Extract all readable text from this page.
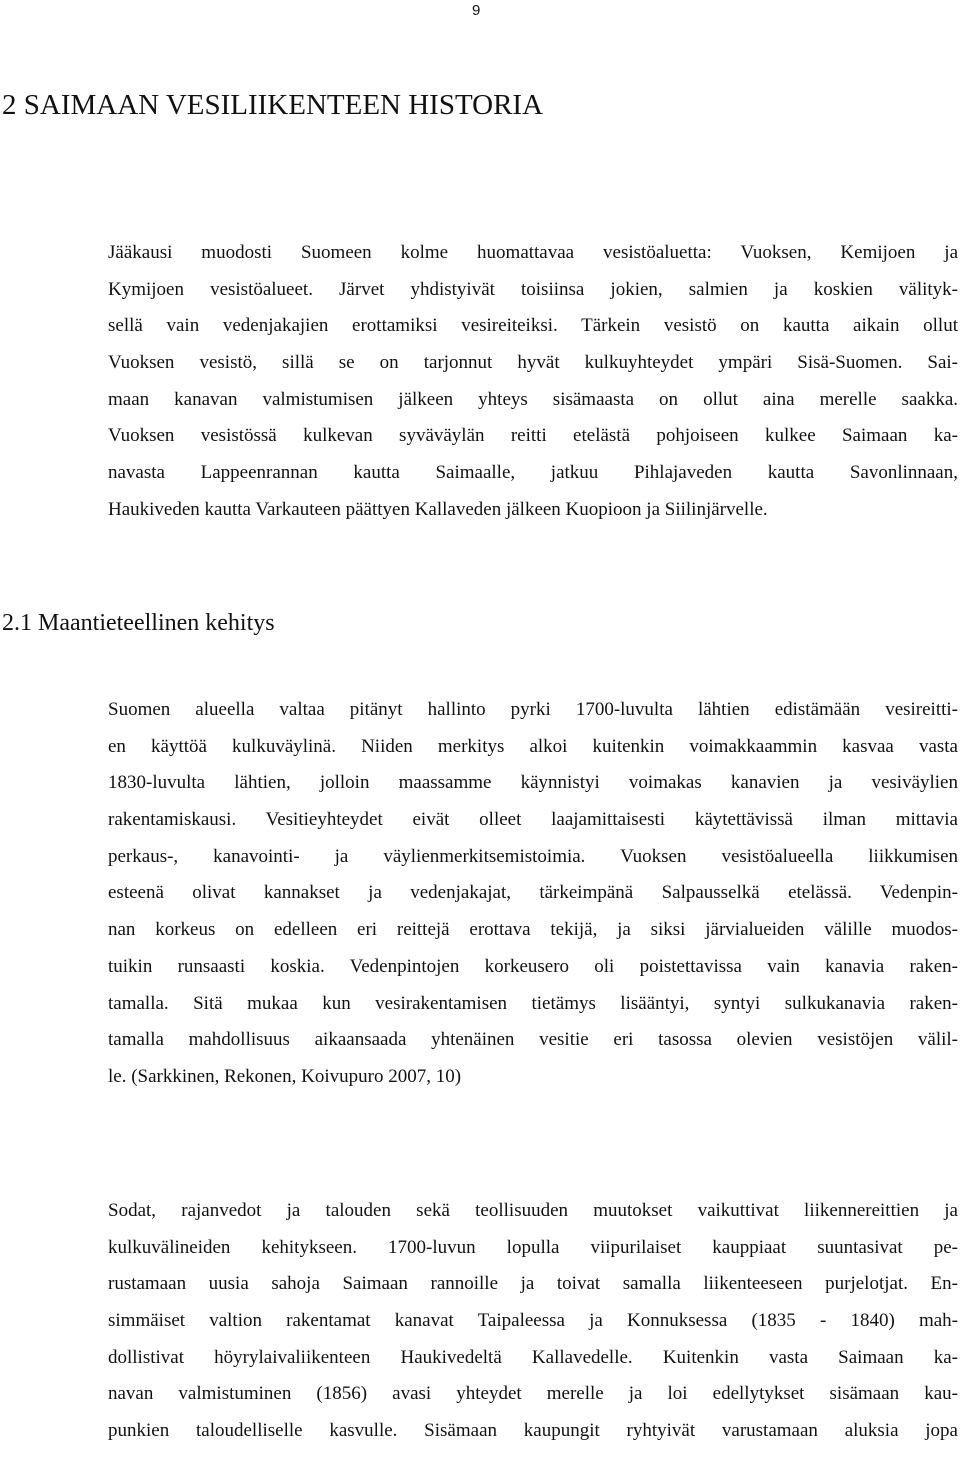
9
2 SAIMAAN VESILIIKENTEEN HISTORIA
Jääkausi muodosti Suomeen kolme huomattavaa vesistöaluetta: Vuoksen, Kemijoen ja
Kymijoen vesistöalueet. Järvet yhdistyivät toisiinsa jokien, salmien ja koskien välityk-
sellä vain vedenjakajien erottamiksi vesireiteiksi. Tärkein vesistö on kautta aikain ollut
Vuoksen vesistö, sillä se on tarjonnut hyvät kulkuyhteydet ympäri Sisä-Suomen. Sai-
maan kanavan valmistumisen jälkeen yhteys sisämaasta on ollut aina merelle saakka.
Vuoksen vesistössä kulkevan syväväylän reitti etelästä pohjoiseen kulkee Saimaan ka-
navasta Lappeenrannan kautta Saimaalle, jatkuu Pihlajaveden kautta Savonlinnaan,
Haukiveden kautta Varkauteen päättyen Kallaveden jälkeen Kuopioon ja Siilinjärvelle.
2.1 Maantieteellinen kehitys
Suomen alueella valtaa pitänyt hallinto pyrki 1700-luvulta lähtien edistämään vesireitti-
en käyttöä kulkuväylinä. Niiden merkitys alkoi kuitenkin voimakkaammin kasvaa vasta
1830-luvulta lähtien, jolloin maassamme käynnistyi voimakas kanavien ja vesiväylien
rakentamiskausi. Vesitieyhteydet eivät olleet laajamittaisesti käytettävissä ilman mittavia
perkaus-, kanavointi- ja väylienmerkitsemistoimia. Vuoksen vesistöalueella liikkumisen
esteenä olivat kannakset ja vedenjakajat, tärkeimpänä Salpausselkä etelässä. Vedenpin-
nan korkeus on edelleen eri reittejä erottava tekijä, ja siksi järvialueiden välille muodos-
tuikin runsaasti koskia. Vedenpintojen korkeusero oli poistettavissa vain kanavia raken-
tamalla. Sitä mukaa kun vesirakentamisen tietämys lisääntyi, syntyi sulkukanavia raken-
tamalla mahdollisuus aikaansaada yhtenäinen vesitie eri tasossa olevien vesistöjen välil-
le. (Sarkkinen, Rekonen, Koivupuro 2007, 10)
Sodat, rajanvedot ja talouden sekä teollisuuden muutokset vaikuttivat liikennereittien ja
kulkuvälineiden kehitykseen. 1700-luvun lopulla viipurilaiset kauppiaat suuntasivat pe-
rustamaan uusia sahoja Saimaan rannoille ja toivat samalla liikenteeseen purjelotjat. En-
simmäiset valtion rakentamat kanavat Taipaleessa ja Konnuksessa (1835 - 1840) mah-
dollistivat höyrylaivaliikenteen Haukivedeltä Kallavedelle. Kuitenkin vasta Saimaan ka-
navan valmistuminen (1856) avasi yhteydet merelle ja loi edellytykset sisämaan kau-
punkien taloudelliselle kasvulle. Sisämaan kaupungit ryhtyivät varustamaan aluksia jopa
